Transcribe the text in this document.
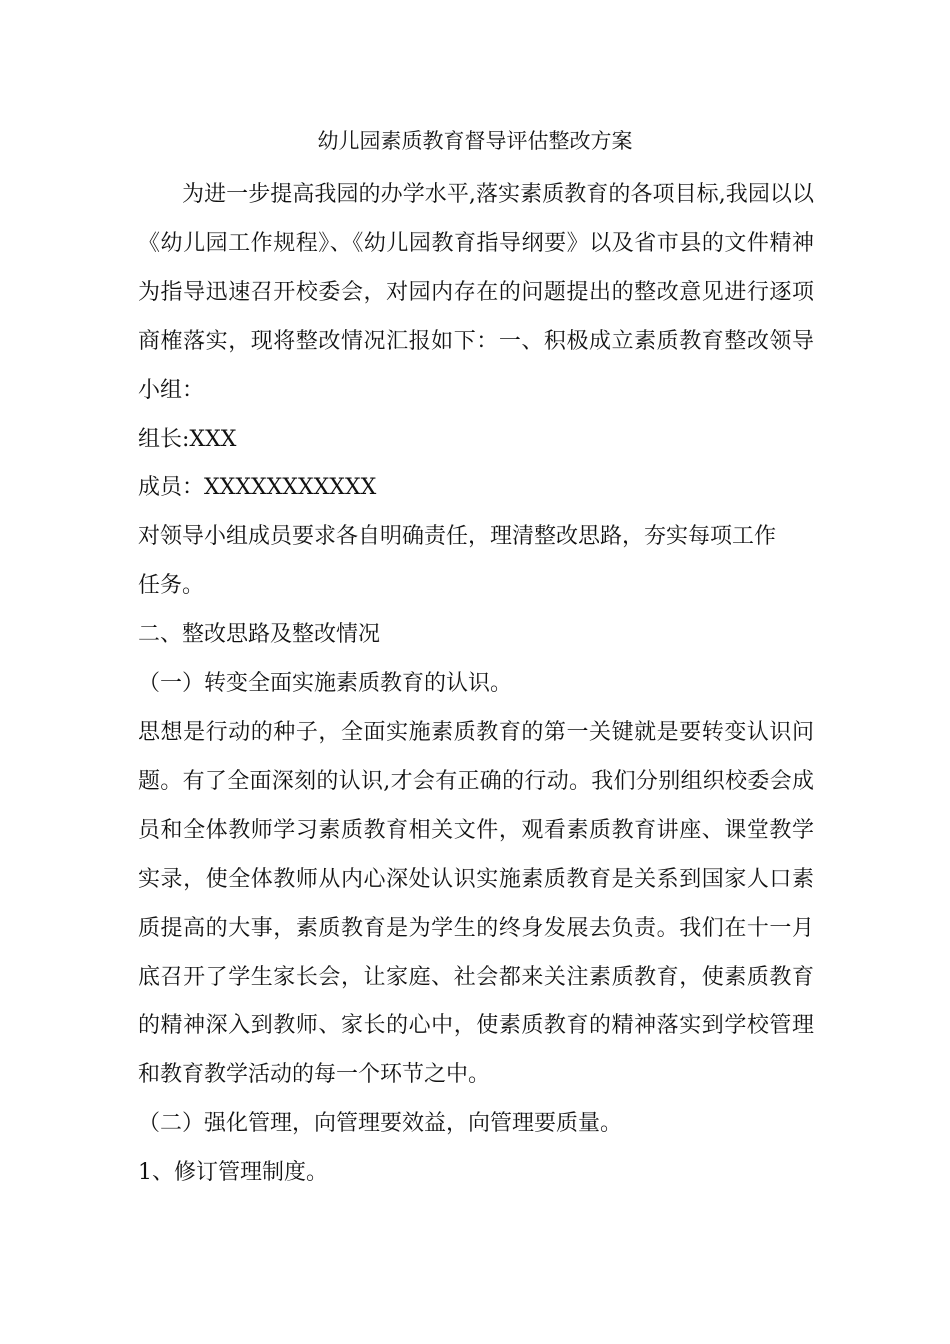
幼儿园素质教育督导评估整改方案

为进一步提高我园的办学水平,落实素质教育的各项目标,我园以以《幼儿园工作规程》、《幼儿园教育指导纲要》以及省市县的文件精神为指导迅速召开校委会，对园内存在的问题提出的整改意见进行逐项商榷落实，现将整改情况汇报如下：一、积极成立素质教育整改领导小组：

组长:XXX

成员：XXXXXXXXXXX

对领导小组成员要求各自明确责任，理清整改思路，夯实每项工作

任务。

二、整改思路及整改情况

（一）转变全面实施素质教育的认识。

思想是行动的种子，全面实施素质教育的第一关键就是要转变认识问题。有了全面深刻的认识,才会有正确的行动。我们分别组织校委会成员和全体教师学习素质教育相关文件，观看素质教育讲座、课堂教学实录，使全体教师从内心深处认识实施素质教育是关系到国家人口素质提高的大事，素质教育是为学生的终身发展去负责。我们在十一月底召开了学生家长会，让家庭、社会都来关注素质教育，使素质教育的精神深入到教师、家长的心中，使素质教育的精神落实到学校管理和教育教学活动的每一个环节之中。

（二）强化管理，向管理要效益，向管理要质量。

1、修订管理制度。
